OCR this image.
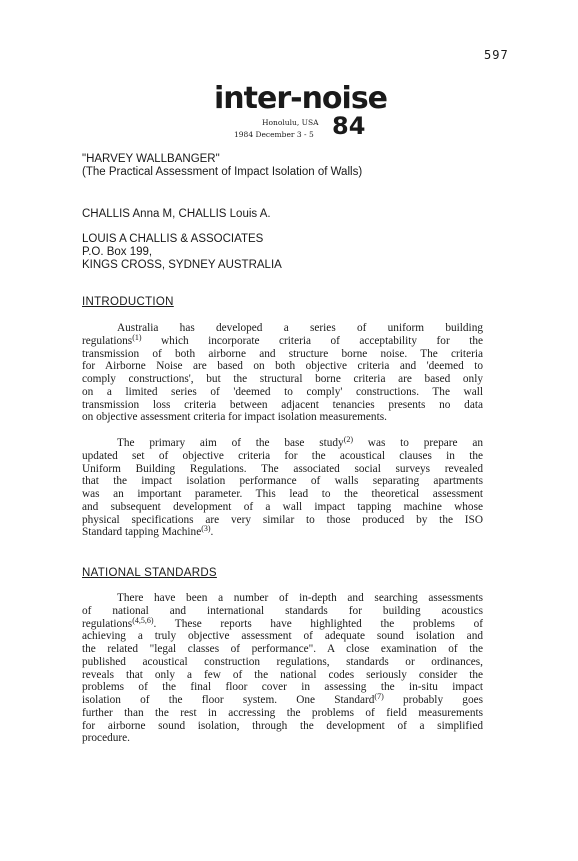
597
inter-noise
Honolulu, USA
1984 December 3 - 5 84
"HARVEY WALLBANGER"
(The Practical Assessment of Impact Isolation of Walls)
CHALLIS Anna M, CHALLIS Louis A.
LOUIS A CHALLIS & ASSOCIATES
P.O. Box 199,
KINGS CROSS, SYDNEY AUSTRALIA
INTRODUCTION
Australia has developed a series of uniform building
regulations$^{(1)}$ which incorporate criteria of acceptability for the
transmission of both airborne and structure borne noise. The criteria
for Airborne Noise are based on both objective criteria and 'deemed to
comply constructions', but the structural borne criteria are based only
on a limited series of 'deemed to comply' constructions. The wall
transmission loss criteria between adjacent tenancies presents no data
on objective assessment criteria for impact isolation measurements.
The primary aim of the base study$^{(2)}$ was to prepare an
updated set of objective criteria for the acoustical clauses in the
Uniform Building Regulations. The associated social surveys revealed
that the impact isolation performance of walls separating apartments
was an important parameter. This lead to the theoretical assessment
and subsequent development of a wall impact tapping machine whose
physical specifications are very similar to those produced by the ISO
Standard tapping Machine$^{(3)}$.
NATIONAL STANDARDS
There have been a number of in-depth and searching assessments
of national and international standards for building acoustics
regulations$^{(4,5,6)}$. These reports have highlighted the problems of
achieving a truly objective assessment of adequate sound isolation and
the related "legal classes of performance". A close examination of the
published acoustical construction regulations, standards or ordinances,
reveals that only a few of the national codes seriously consider the
problems of the final floor cover in assessing the in-situ impact
isolation of the floor system. One Standard$^{(7)}$ probably goes
further than the rest in accressing the problems of field measurements
for airborne sound isolation, through the development of a simplified
procedure.
